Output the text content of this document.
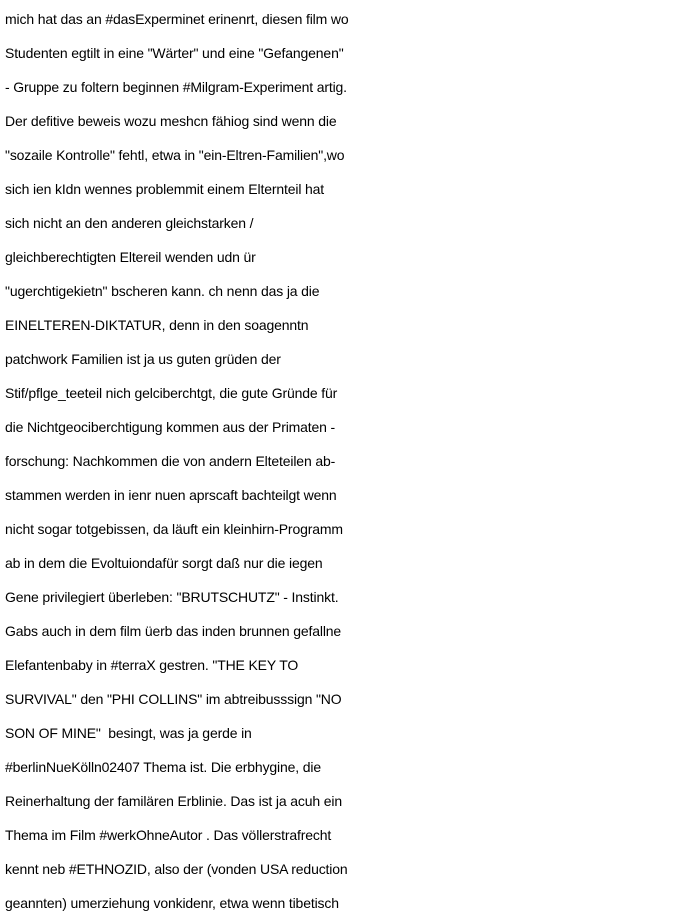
mich hat das an #dasExperminet erinenrt, diesen film wo
Studenten egtilt in eine "Wärter" und eine "Gefangenen"
- Gruppe zu foltern beginnen #Milgram-Experiment artig.
Der defitive beweis wozu meshcn fähiog sind wenn die
"sozaile Kontrolle" fehtl, etwa in "ein-Eltren-Familien",wo
sich ien kIdn wennes problemmit einem Elternteil hat
sich nicht an den anderen gleichstarken /
gleichberechtigten Eltereil wenden udn ür
"ugerchtigekietn" bscheren kann. ch nenn das ja die
EINELTEREN-DIKTATUR, denn in den soagenntn
patchwork Familien ist ja us guten grüden der
Stif/pflge_teeteil nich gelciberchtgt, die gute Gründe für
die Nichtgeociberchtigung kommen aus der Primaten -
forschung: Nachkommen die von andern Elteteilen ab-
stammen werden in ienr nuen aprscaft bachteilgt wenn
nicht sogar totgebissen, da läuft ein kleinhirn-Programm
ab in dem die Evoltuiondafür sorgt daß nur die iegen
Gene privilegiert überleben: "BRUTSCHUTZ" - Instinkt.
Gabs auch in dem film üerb das inden brunnen gefallne
Elefantenbaby in #terraX gestren. "THE KEY TO
SURVIVAL" den "PHI COLLINS" im abtreibusssign "NO
SON OF MINE"  besingt, was ja gerde in
#berlinNueKölln02407 Thema ist. Die erbhygine, die
Reinerhaltung der familären Erblinie. Das ist ja acuh ein
Thema im Film #werkOhneAutor . Das völlerstrafrecht
kennt neb #ETHNOZID, also der (vonden USA reduction
geannten) umerziehung vonkidenr, etwa wenn tibetisch
